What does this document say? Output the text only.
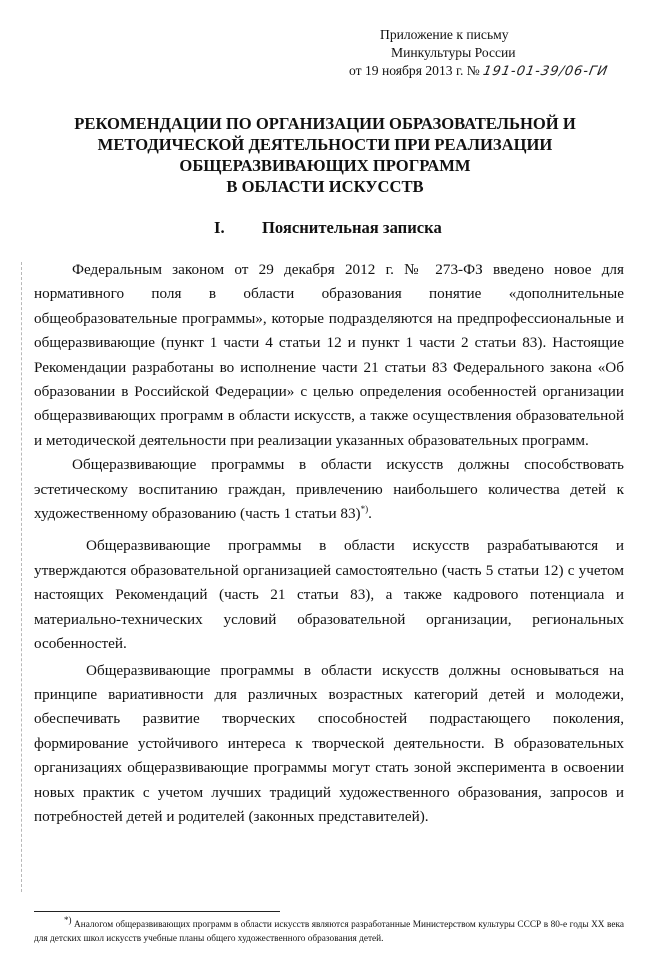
Приложение к письму
Минкультуры России
от 19 ноября 2013 г. № 191-01-39/06-ГИ
РЕКОМЕНДАЦИИ ПО ОРГАНИЗАЦИИ ОБРАЗОВАТЕЛЬНОЙ И
МЕТОДИЧЕСКОЙ ДЕЯТЕЛЬНОСТИ ПРИ РЕАЛИЗАЦИИ
ОБЩЕРАЗВИВАЮЩИХ ПРОГРАММ
В ОБЛАСТИ ИСКУССТВ
I. Пояснительная записка

Федеральным законом от 29 декабря 2012 г. № 273-ФЗ введено новое для нормативного поля в области образования понятие «дополнительные общеобразовательные программы», которые подразделяются на предпрофессиональные и общеразвивающие (пункт 1 части 4 статьи 12 и пункт 1 части 2 статьи 83). Настоящие Рекомендации разработаны во исполнение части 21 статьи 83 Федерального закона «Об образовании в Российской Федерации» с целью определения особенностей организации общеразвивающих программ в области искусств, а также осуществления образовательной и методической деятельности при реализации указанных образовательных программ.

Общеразвивающие программы в области искусств должны способствовать эстетическому воспитанию граждан, привлечению наибольшего количества детей к художественному образованию (часть 1 статьи 83)*).

Общеразвивающие программы в области искусств разрабатываются и утверждаются образовательной организацией самостоятельно (часть 5 статьи 12) с учетом настоящих Рекомендаций (часть 21 статьи 83), а также кадрового потенциала и материально-технических условий образовательной организации, региональных особенностей.

Общеразвивающие программы в области искусств должны основываться на принципе вариативности для различных возрастных категорий детей и молодежи, обеспечивать развитие творческих способностей подрастающего поколения, формирование устойчивого интереса к творческой деятельности. В образовательных организациях общеразвивающие программы могут стать зоной эксперимента в освоении новых практик с учетом лучших традиций художественного образования, запросов и потребностей детей и родителей (законных представителей).

*) Аналогом общеразвивающих программ в области искусств являются разработанные Министерством культуры СССР в 80-е годы XX века для детских школ искусств учебные планы общего художественного образования детей.
